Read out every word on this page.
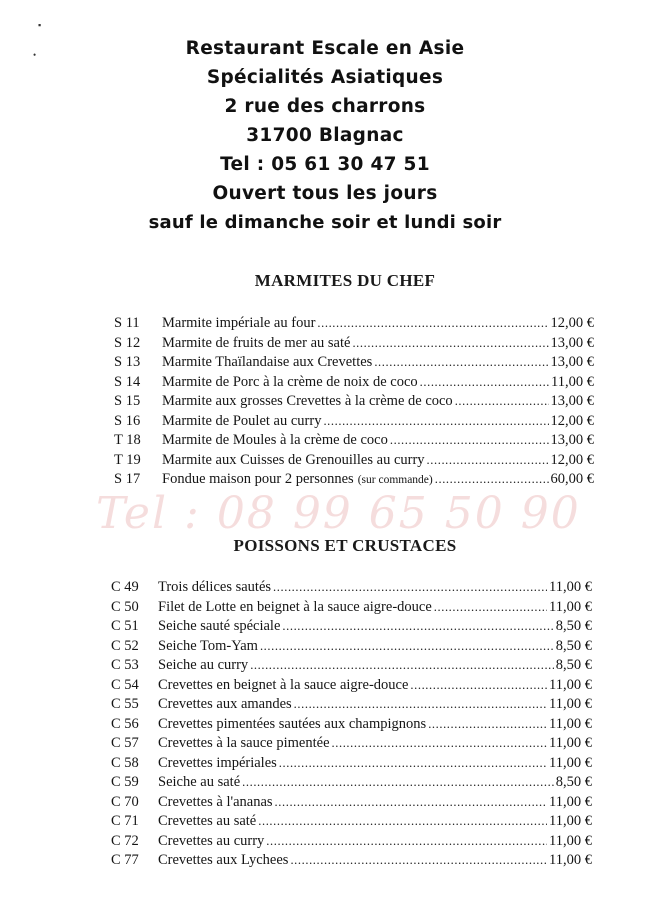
▪
•
Tel : 08 99 65 50 90
Restaurant Escale en Asie
Spécialités Asiatiques
2 rue des charrons
31700 Blagnac
Tel : 05 61 30 47 51
Ouvert tous les jours
sauf le dimanche soir et lundi soir
MARMITES DU CHEF
S 11	Marmite impériale au four .....	12,00 €
S 12	Marmite de fruits de mer au saté .....	13,00 €
S 13	Marmite Thaïlandaise aux Crevettes .....	13,00 €
S 14	Marmite de Porc à la crème de noix de coco .....	11,00 €
S 15	Marmite aux grosses Crevettes à la crème de coco .....	13,00 €
S 16	Marmite de Poulet au curry .....	12,00 €
T 18	Marmite de Moules à la crème de coco .....	13,00 €
T 19	Marmite aux Cuisses de Grenouilles au curry .....	12,00 €
S 17	Fondue maison pour 2 personnes (sur commande) .....	60,00 €
POISSONS ET CRUSTACES
C 49	Trois délices sautés .....	11,00 €
C 50	Filet de Lotte en beignet à la sauce aigre-douce .....	11,00 €
C 51	Seiche sauté spéciale .....	8,50 €
C 52	Seiche Tom-Yam .....	8,50 €
C 53	Seiche au curry .....	8,50 €
C 54	Crevettes en beignet à la sauce aigre-douce .....	11,00 €
C 55	Crevettes aux amandes .....	11,00 €
C 56	Crevettes pimentées sautées aux champignons .....	11,00 €
C 57	Crevettes à la sauce pimentée .....	11,00 €
C 58	Crevettes impériales .....	11,00 €
C 59	Seiche au saté .....	8,50 €
C 70	Crevettes à l'ananas .....	11,00 €
C 71	Crevettes au saté .....	11,00 €
C 72	Crevettes au curry .....	11,00 €
C 77	Crevettes aux Lychees .....	11,00 €
